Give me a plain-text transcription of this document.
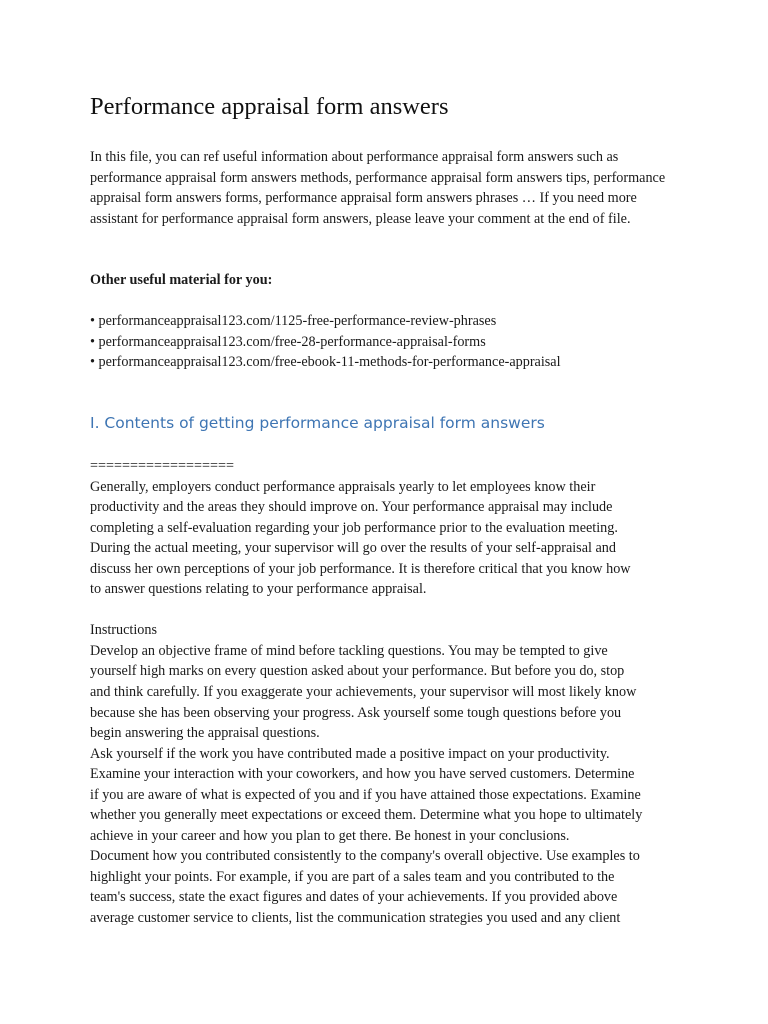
Performance appraisal form answers

In this file, you can ref useful information about performance appraisal form answers such as performance appraisal form answers methods, performance appraisal form answers tips, performance appraisal form answers forms, performance appraisal form answers phrases … If you need more assistant for performance appraisal form answers, please leave your comment at the end of file.

Other useful material for you:

• performanceappraisal123.com/1125-free-performance-review-phrases
• performanceappraisal123.com/free-28-performance-appraisal-forms
• performanceappraisal123.com/free-ebook-11-methods-for-performance-appraisal
I. Contents of getting performance appraisal form answers
==================
Generally, employers conduct performance appraisals yearly to let employees know their
productivity and the areas they should improve on. Your performance appraisal may include
completing a self-evaluation regarding your job performance prior to the evaluation meeting.
During the actual meeting, your supervisor will go over the results of your self-appraisal and
discuss her own perceptions of your job performance. It is therefore critical that you know how
to answer questions relating to your performance appraisal.
Instructions
Develop an objective frame of mind before tackling questions. You may be tempted to give
yourself high marks on every question asked about your performance. But before you do, stop
and think carefully. If you exaggerate your achievements, your supervisor will most likely know
because she has been observing your progress. Ask yourself some tough questions before you
begin answering the appraisal questions.
Ask yourself if the work you have contributed made a positive impact on your productivity.
Examine your interaction with your coworkers, and how you have served customers. Determine
if you are aware of what is expected of you and if you have attained those expectations. Examine
whether you generally meet expectations or exceed them. Determine what you hope to ultimately
achieve in your career and how you plan to get there. Be honest in your conclusions.
Document how you contributed consistently to the company's overall objective. Use examples to
highlight your points. For example, if you are part of a sales team and you contributed to the
team's success, state the exact figures and dates of your achievements. If you provided above
average customer service to clients, list the communication strategies you used and any client
